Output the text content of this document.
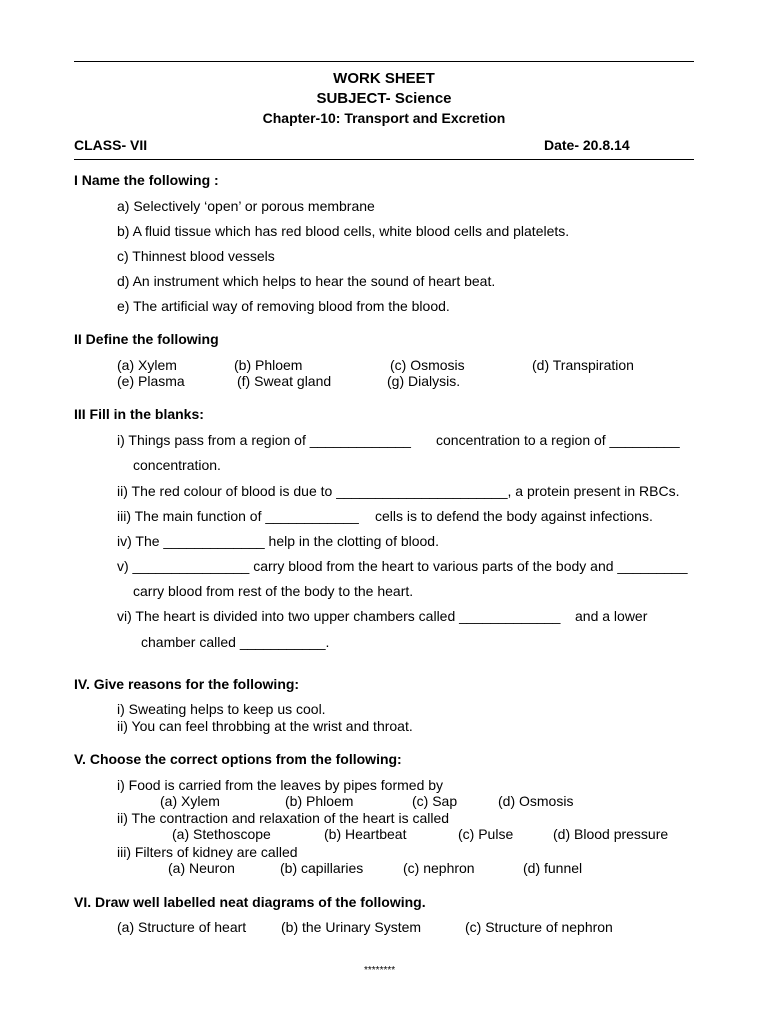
WORK SHEET
SUBJECT- Science
Chapter-10: Transport and Excretion
CLASS- VII	Date- 20.8.14
I Name the following :
a) Selectively ‘open’ or porous membrane
b) A fluid tissue which has red blood cells, white blood cells and platelets.
c) Thinnest blood vessels
d) An instrument which helps to hear the sound of heart beat.
e) The artificial way of removing blood from the blood.
II Define the following
(a) Xylem	(b) Phloem	(c) Osmosis	(d) Transpiration
(e) Plasma	(f) Sweat gland	(g) Dialysis.
III Fill in the blanks:
i) Things pass from a region of _____________ concentration to a region of _________
concentration.
ii) The red colour of blood is due to ______________________, a protein present in RBCs.
iii) The main function of ____________ cells is to defend the body against infections.
iv) The _____________ help in the clotting of blood.
v) _______________ carry blood from the heart to various parts of the body and _________
carry blood from rest of the body to the heart.
vi) The heart is divided into two upper chambers called _____________ and a lower
chamber called ___________.
IV. Give reasons for the following:
i) Sweating helps to keep us cool.
ii) You can feel throbbing at the wrist and throat.
V. Choose the correct options from the following:
i) Food is carried from the leaves by pipes formed by
(a) Xylem	(b) Phloem	(c) Sap	(d) Osmosis
ii) The contraction and relaxation of the heart is called
(a) Stethoscope	(b) Heartbeat	(c) Pulse	(d) Blood pressure
iii) Filters of kidney are called
(a) Neuron	(b) capillaries	(c) nephron	(d) funnel
VI. Draw well labelled neat diagrams of the following.
(a) Structure of heart (b) the Urinary System	(c) Structure of nephron
********
